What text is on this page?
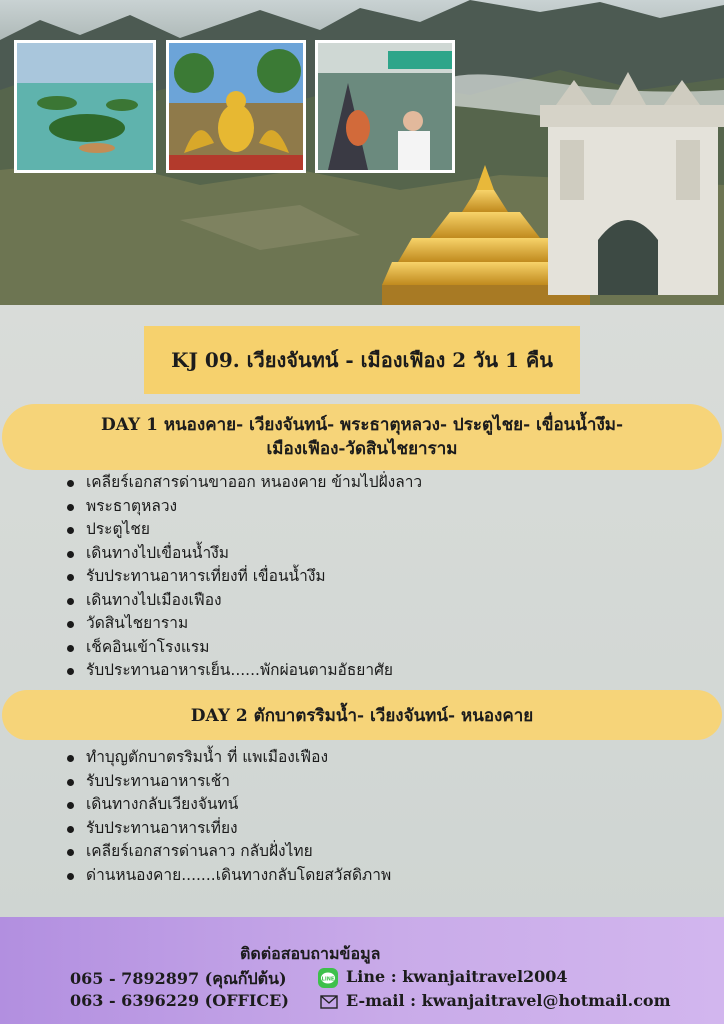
KJ 09. เวียงจันทน์ - เมืองเฟือง 2 วัน 1 คืน
DAY 1 หนองคาย- เวียงจันทน์- พระธาตุหลวง- ประตูไชย- เขื่อนน้ำงึม-
เมืองเฟือง-วัดสินไชยาราม
เคลียร์เอกสารด่านขาออก หนองคาย ข้ามไปฝั่งลาว
พระธาตุหลวง
ประตูไชย
เดินทางไปเขื่อนน้ำงึม
รับประทานอาหารเที่ยงที่ เขื่อนน้ำงึม
เดินทางไปเมืองเฟือง
วัดสินไชยาราม
เช็คอินเข้าโรงแรม
รับประทานอาหารเย็น......พักผ่อนตามอัธยาศัย
DAY 2 ตักบาตรริมน้ำ- เวียงจันทน์- หนองคาย
ทำบุญตักบาตรริมน้ำ ที่ แพเมืองเฟือง
รับประทานอาหารเช้า
เดินทางกลับเวียงจันทน์
รับประทานอาหารเที่ยง
เคลียร์เอกสารด่านลาว กลับฝั่งไทย
ด่านหนองคาย.......เดินทางกลับโดยสวัสดิภาพ
ติดต่อสอบถามข้อมูล
065 - 7892897 (คุณก๊ปต้น)
063 - 6396229 (OFFICE)
LINE Line : kwanjaitravel2004
E-mail : kwanjaitravel@hotmail.com
